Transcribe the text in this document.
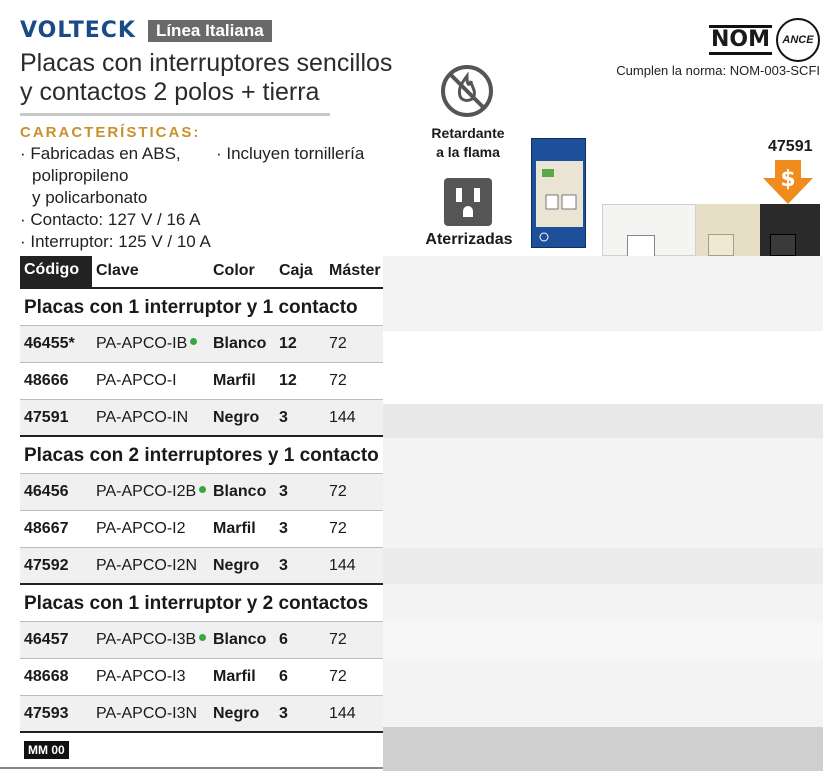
VOLTECK	Línea Italiana
Placas con interruptores sencillos
y contactos 2 polos + tierra
CARACTERÍSTICAS:
· Fabricadas en ABS,
polipropileno
y policarbonato
· Contacto: 127 V / 16 A
· Interruptor: 125 V / 10 A
· Incluyen tornillería
Retardante
a la flama
Aterrizadas
NOM	ANCE
Cumplen la norma: NOM-003-SCFI
47591
$
Código	Clave	Color Caja Máster
Placas con 1 interruptor y 1 contacto
46455* PA-APCO-IB	Blanco 12 72
48666 PA-APCO-I Marfil 12 72
47591 PA-APCO-IN Negro 3	144
Placas con 2 interruptores y 1 contacto
46456 PA-APCO-I2B	Blanco 3	72
48667 PA-APCO-I2 Marfil 3	72
47592 PA-APCO-I2N Negro 3	144
Placas con 1 interruptor y 2 contactos
46457 PA-APCO-I3B	Blanco 6	72
48668 PA-APCO-I3 Marfil 6	72
47593 PA-APCO-I3N Negro 3	144
MM 00
